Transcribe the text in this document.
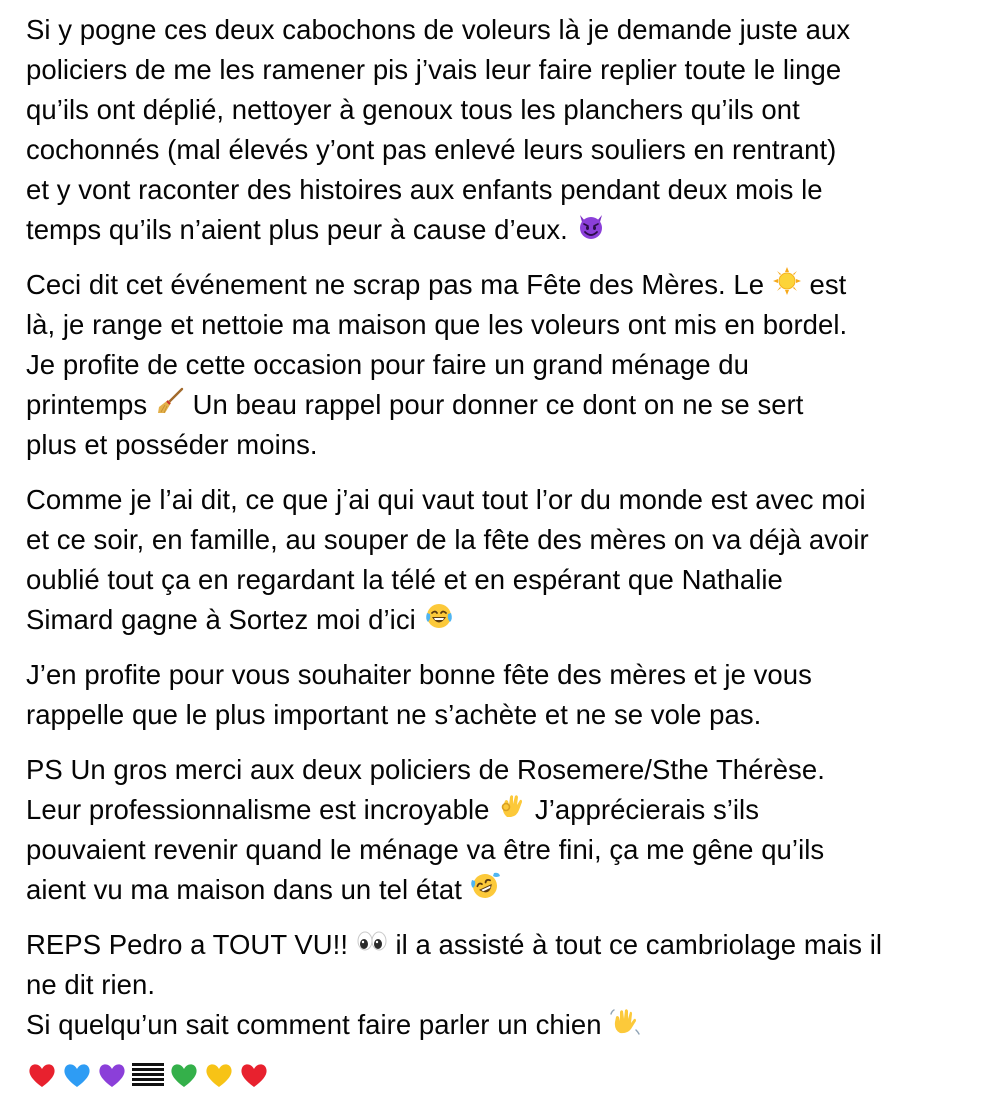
Si y pogne ces deux cabochons de voleurs là je demande juste aux
policiers de me les ramener pis j’vais leur faire replier toute le linge
qu’ils ont déplié, nettoyer à genoux tous les planchers qu’ils ont
cochonnés (mal élevés y’ont pas enlevé leurs souliers en rentrant)
et y vont raconter des histoires aux enfants pendant deux mois le
temps qu’ils n’aient plus peur à cause d’eux.
Ceci dit cet événement ne scrap pas ma Fête des Mères. Le est
là, je range et nettoie ma maison que les voleurs ont mis en bordel.
Je profite de cette occasion pour faire un grand ménage du
printemps Un beau rappel pour donner ce dont on ne se sert
plus et posséder moins.
Comme je l’ai dit, ce que j’ai qui vaut tout l’or du monde est avec moi
et ce soir, en famille, au souper de la fête des mères on va déjà avoir
oublié tout ça en regardant la télé et en espérant que Nathalie
Simard gagne à Sortez moi d’ici
J’en profite pour vous souhaiter bonne fête des mères et je vous
rappelle que le plus important ne s’achète et ne se vole pas.
PS Un gros merci aux deux policiers de Rosemere/Sthe Thérèse.
Leur professionnalisme est incroyable J’apprécierais s’ils
pouvaient revenir quand le ménage va être fini, ça me gêne qu’ils
aient vu ma maison dans un tel état
REPS Pedro a TOUT VU!! il a assisté à tout ce cambriolage mais il
ne dit rien.
Si quelqu’un sait comment faire parler un chien
